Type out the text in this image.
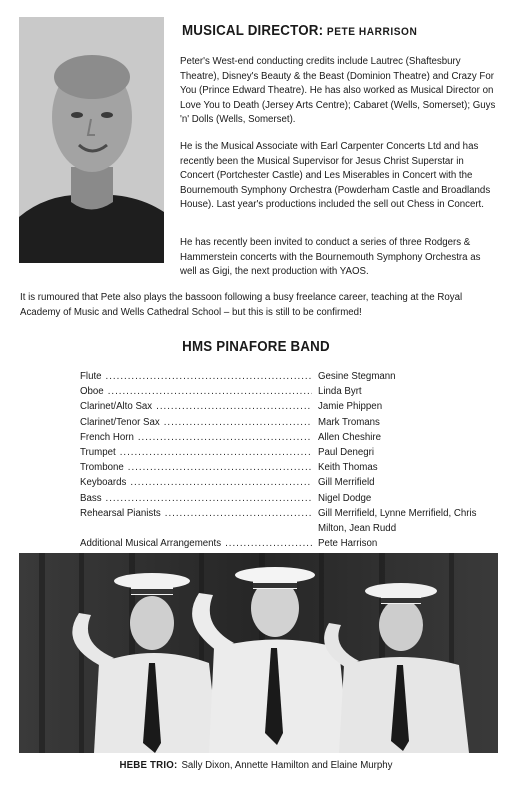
MUSICAL DIRECTOR: PETE HARRISON

Peter's West-end conducting credits include Lautrec (Shaftesbury Theatre), Disney's Beauty & the Beast (Dominion Theatre) and Crazy For You (Prince Edward Theatre). He has also worked as Musical Director on Love You to Death (Jersey Arts Centre); Cabaret (Wells, Somerset); Guys 'n' Dolls (Wells, Somerset).

He is the Musical Associate with Earl Carpenter Concerts Ltd and has recently been the Musical Supervisor for Jesus Christ Superstar in Concert (Portchester Castle) and Les Miserables in Concert with the Bournemouth Symphony Orchestra (Powderham Castle and Broadlands House). Last year's productions included the sell out Chess in Concert.

He has recently been invited to conduct a series of three Rodgers & Hammerstein concerts with the Bournemouth Symphony Orchestra as well as Gigi, the next production with YAOS.

It is rumoured that Pete also plays the bassoon following a busy freelance career, teaching at the Royal Academy of Music and Wells Cathedral School – but this is still to be confirmed!

HMS PINAFORE BAND
Flute .....	Gesine Stegmann
Oboe .....	Linda Byrt
Clarinet/Alto Sax .....	Jamie Phippen
Clarinet/Tenor Sax .....	Mark Tromans
French Horn .....	Allen Cheshire
Trumpet .....	Paul Denegri
Trombone .....	Keith Thomas
Keyboards .....	Gill Merrifield
Bass .....	Nigel Dodge
Rehearsal Pianists .....	Gill Merrifield, Lynne Merrifield, Chris Milton, Jean Rudd
Additional Musical Arrangements .....	Pete Harrison
HEBE TRIO: Sally Dixon, Annette Hamilton and Elaine Murphy
